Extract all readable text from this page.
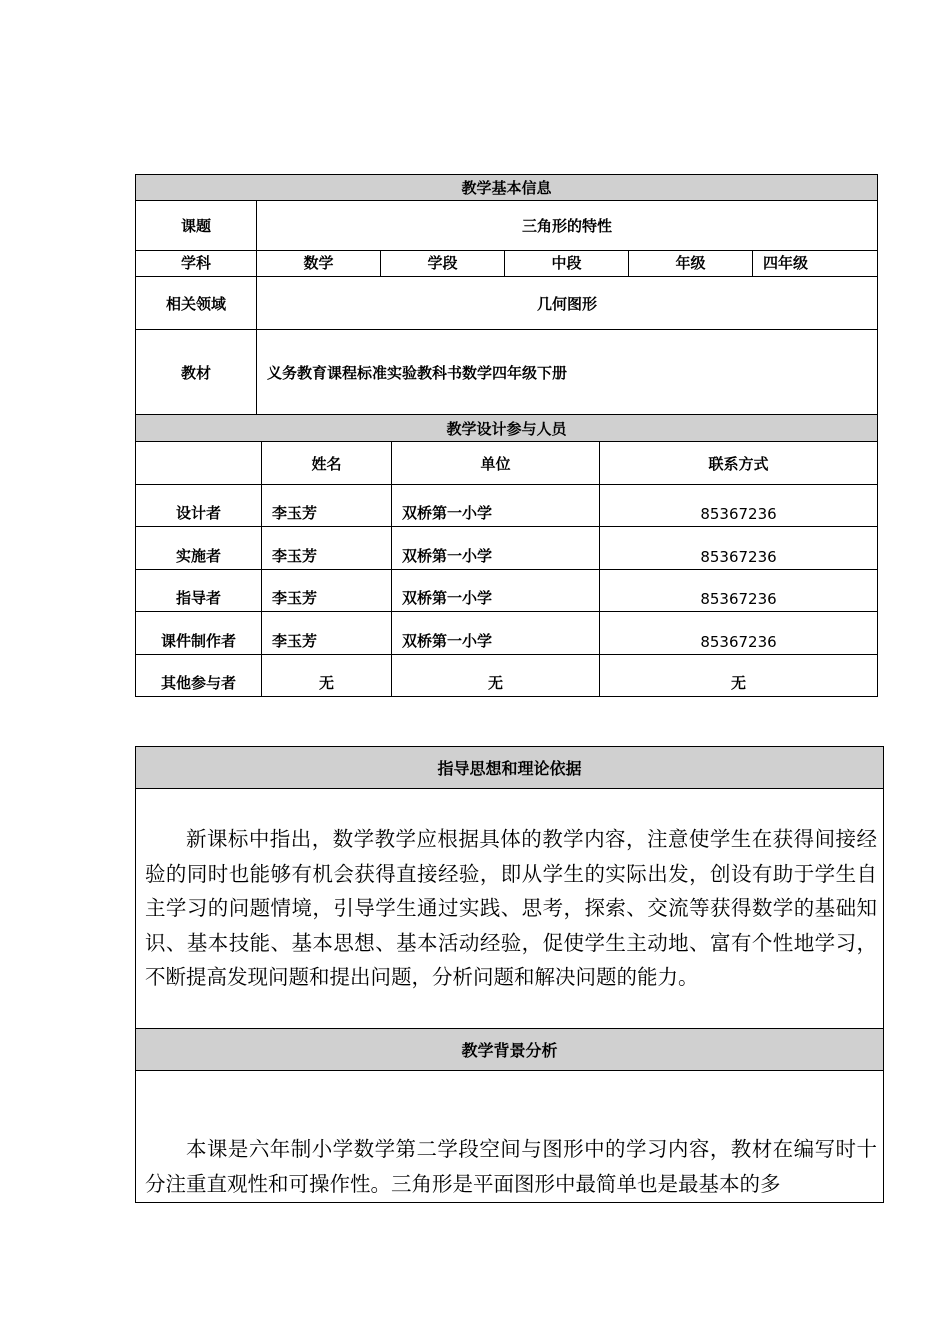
教学基本信息					
课题	三角形的特性				
学科	数学	学段	中段	年级	四年级
相关领域	几何图形				
教材	义务教育课程标准实验教科书数学四年级下册				
教学设计参与人员			
	姓名	单位	联系方式
设计者	李玉芳	双桥第一小学	85367236
实施者	李玉芳	双桥第一小学	85367236
指导者	李玉芳	双桥第一小学	85367236
课件制作者	李玉芳	双桥第一小学	85367236
其他参与者	无	无	无
指导思想和理论依据

新课标中指出，数学教学应根据具体的教学内容，注意使学生在获得间接经验的同时也能够有机会获得直接经验，即从学生的实际出发，创设有助于学生自主学习的问题情境，引导学生通过实践、思考，探索、交流等获得数学的基础知识、基本技能、基本思想、基本活动经验，促使学生主动地、富有个性地学习，不断提高发现问题和提出问题，分析问题和解决问题的能力。

教学背景分析

本课是六年制小学数学第二学段空间与图形中的学习内容，教材在编写时十分注重直观性和可操作性。三角形是平面图形中最简单也是最基本的多
